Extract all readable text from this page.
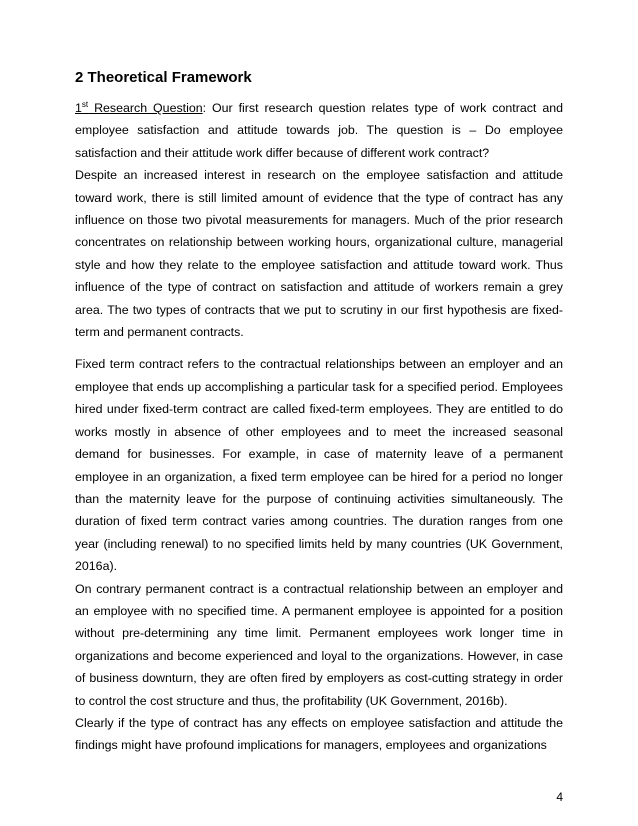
2 Theoretical Framework

1st Research Question: Our first research question relates type of work contract and employee satisfaction and attitude towards job. The question is – Do employee satisfaction and their attitude work differ because of different work contract?

Despite an increased interest in research on the employee satisfaction and attitude toward work, there is still limited amount of evidence that the type of contract has any influence on those two pivotal measurements for managers. Much of the prior research concentrates on relationship between working hours, organizational culture, managerial style and how they relate to the employee satisfaction and attitude toward work. Thus influence of the type of contract on satisfaction and attitude of workers remain a grey area. The two types of contracts that we put to scrutiny in our first hypothesis are fixed-term and permanent contracts.

Fixed term contract refers to the contractual relationships between an employer and an employee that ends up accomplishing a particular task for a specified period. Employees hired under fixed-term contract are called fixed-term employees. They are entitled to do works mostly in absence of other employees and to meet the increased seasonal demand for businesses. For example, in case of maternity leave of a permanent employee in an organization, a fixed term employee can be hired for a period no longer than the maternity leave for the purpose of continuing activities simultaneously. The duration of fixed term contract varies among countries. The duration ranges from one year (including renewal) to no specified limits held by many countries (UK Government, 2016a).

On contrary permanent contract is a contractual relationship between an employer and an employee with no specified time. A permanent employee is appointed for a position without pre-determining any time limit. Permanent employees work longer time in organizations and become experienced and loyal to the organizations. However, in case of business downturn, they are often fired by employers as cost-cutting strategy in order to control the cost structure and thus, the profitability (UK Government, 2016b).

Clearly if the type of contract has any effects on employee satisfaction and attitude the findings might have profound implications for managers, employees and organizations

4
